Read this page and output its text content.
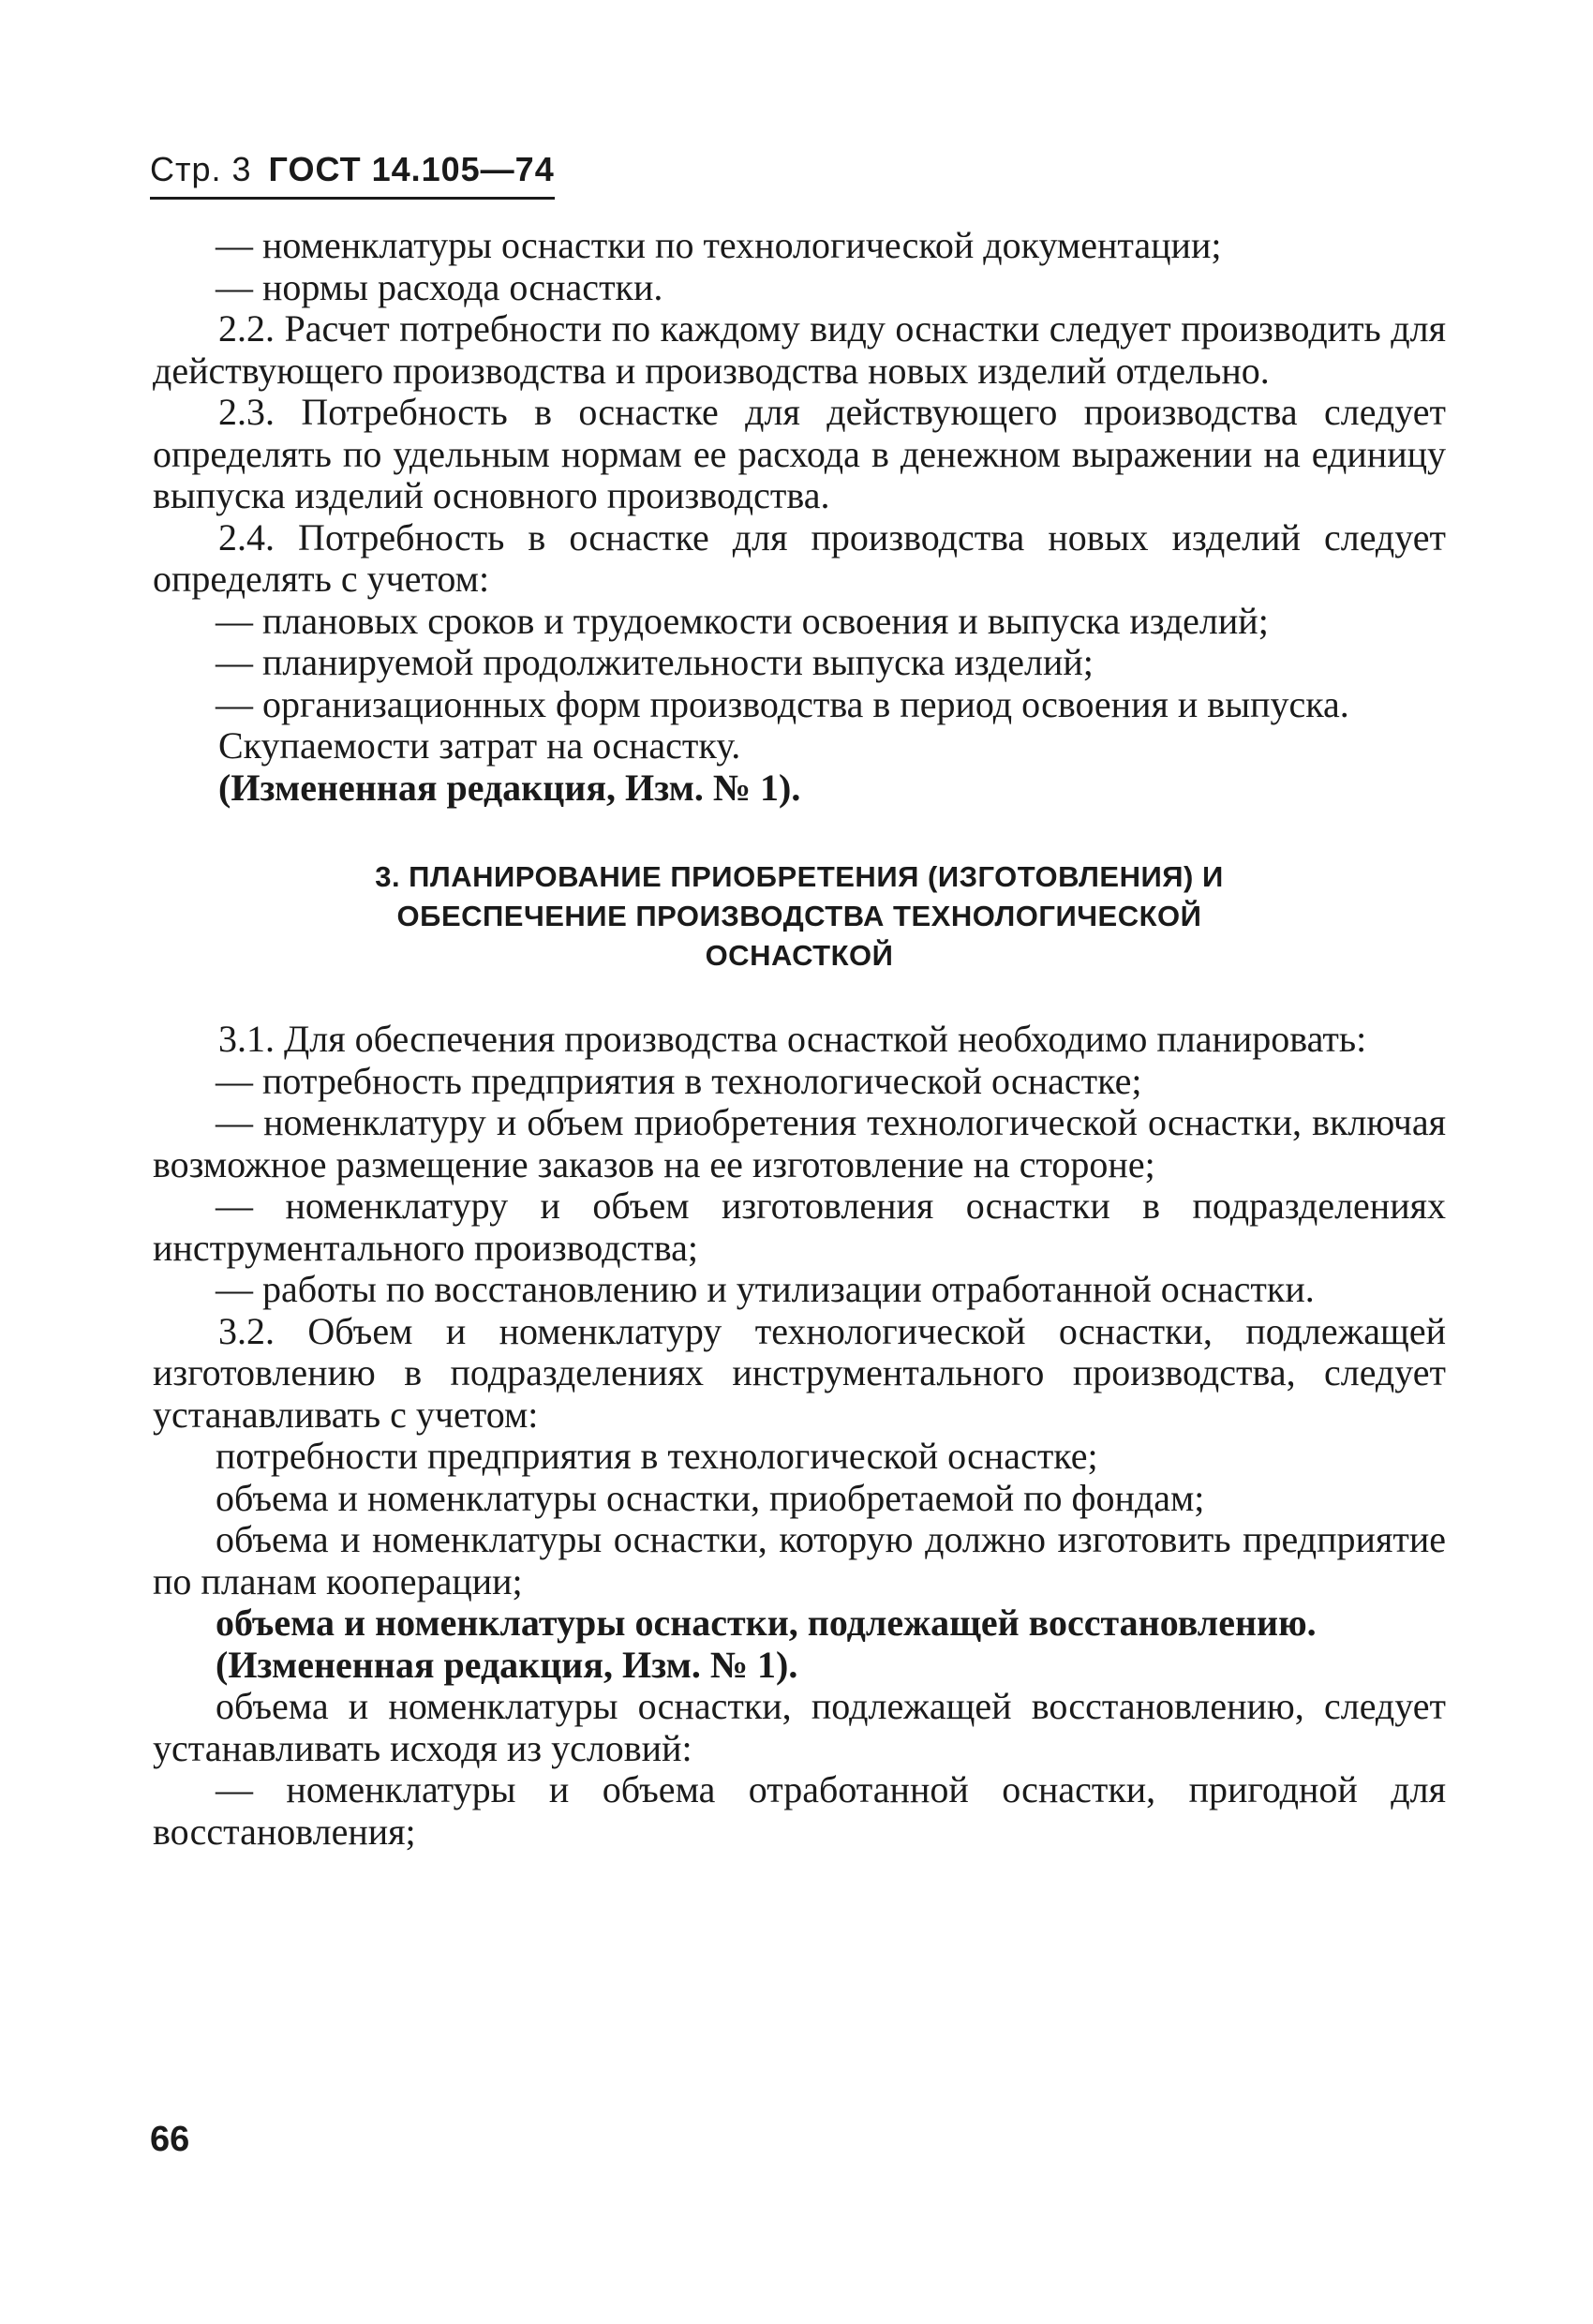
Стр. 3 ГОСТ 14.105—74

— номенклатуры оснастки по технологической документации;

— нормы расхода оснастки.

2.2. Расчет потребности по каждому виду оснастки следует производить для действующего производства и производства новых изделий отдельно.

2.3. Потребность в оснастке для действующего производства следует определять по удельным нормам ее расхода в денежном выражении на единицу выпуска изделий основного производства.

2.4. Потребность в оснастке для производства новых изделий следует определять с учетом:

— плановых сроков и трудоемкости освоения и выпуска изделий;

— планируемой продолжительности выпуска изделий;

— организационных форм производства в период освоения и выпуска.

Скупаемости затрат на оснастку.

(Измененная редакция, Изм. № 1).

3. ПЛАНИРОВАНИЕ ПРИОБРЕТЕНИЯ (ИЗГОТОВЛЕНИЯ) И
ОБЕСПЕЧЕНИЕ ПРОИЗВОДСТВА ТЕХНОЛОГИЧЕСКОЙ
ОСНАСТКОЙ

3.1. Для обеспечения производства оснасткой необходимо планировать:

— потребность предприятия в технологической оснастке;

— номенклатуру и объем приобретения технологической оснастки, включая возможное размещение заказов на ее изготовление на стороне;

— номенклатуру и объем изготовления оснастки в подразделениях инструментального производства;

— работы по восстановлению и утилизации отработанной оснастки.

3.2. Объем и номенклатуру технологической оснастки, подлежащей изготовлению в подразделениях инструментального производства, следует устанавливать с учетом:

потребности предприятия в технологической оснастке;

объема и номенклатуры оснастки, приобретаемой по фондам;

объема и номенклатуры оснастки, которую должно изготовить предприятие по планам кооперации;

объема и номенклатуры оснастки, подлежащей восстановлению.

(Измененная редакция, Изм. № 1).

объема и номенклатуры оснастки, подлежащей восстановлению, следует устанавливать исходя из условий:

— номенклатуры и объема отработанной оснастки, пригодной для восстановления;

66
